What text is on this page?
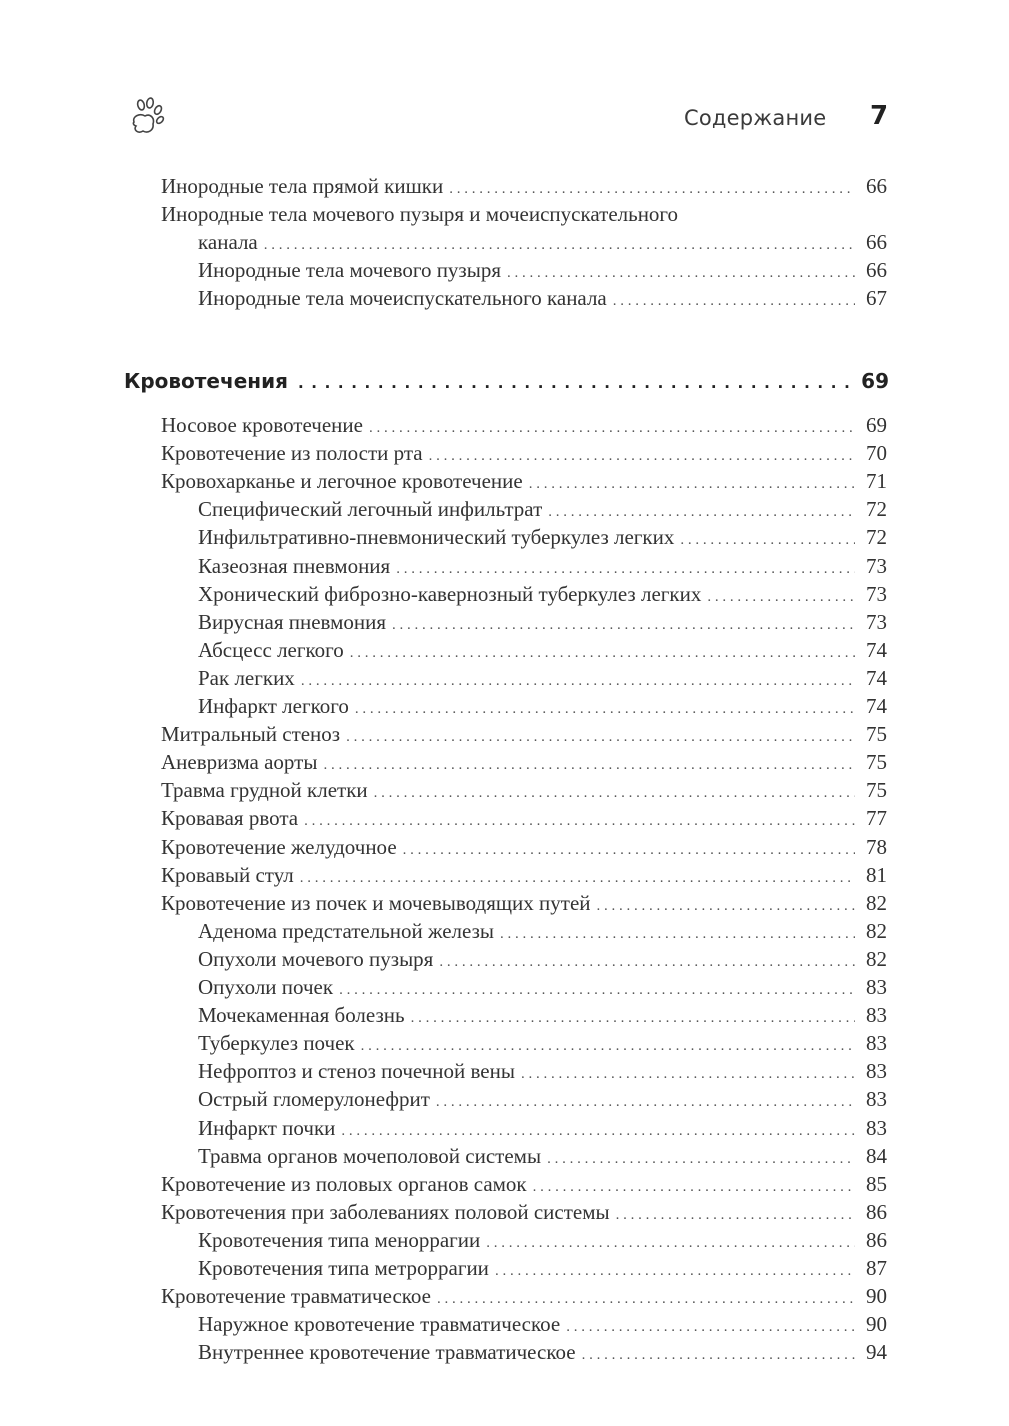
Содержание 7
Инородные тела прямой кишки . . .	66
Инородные тела мочевого пузыря и мочеиспускательного
канала . . .	66
Инородные тела мочевого пузыря . . .	66
Инородные тела мочеиспускательного канала . . .	67
Кровотечения . . .	69
Носовое кровотечение . . .	69
Кровотечение из полости рта . . .	70
Кровохарканье и легочное кровотечение . . .	71
Специфический легочный инфильтрат . . .	72
Инфильтративно-пневмонический туберкулез легких . . .	72
Казеозная пневмония . . .	73
Хронический фиброзно-кавернозный туберкулез легких . . .	73
Вирусная пневмония . . .	73
Абсцесс легкого . . .	74
Рак легких . . .	74
Инфаркт легкого . . .	74
Митральный стеноз . . .	75
Аневризма аорты . . .	75
Травма грудной клетки . . .	75
Кровавая рвота . . .	77
Кровотечение желудочное . . .	78
Кровавый стул . . .	81
Кровотечение из почек и мочевыводящих путей . . .	82
Аденома предстательной железы . . .	82
Опухоли мочевого пузыря . . .	82
Опухоли почек . . .	83
Мочекаменная болезнь . . .	83
Туберкулез почек . . .	83
Нефроптоз и стеноз почечной вены . . .	83
Острый гломерулонефрит . . .	83
Инфаркт почки . . .	83
Травма органов мочеполовой системы . . .	84
Кровотечение из половых органов самок . . .	85
Кровотечения при заболеваниях половой системы . . .	86
Кровотечения типа меноррагии . . .	86
Кровотечения типа метроррагии . . .	87
Кровотечение травматическое . . .	90
Наружное кровотечение травматическое . . .	90
Внутреннее кровотечение травматическое . . .	94
